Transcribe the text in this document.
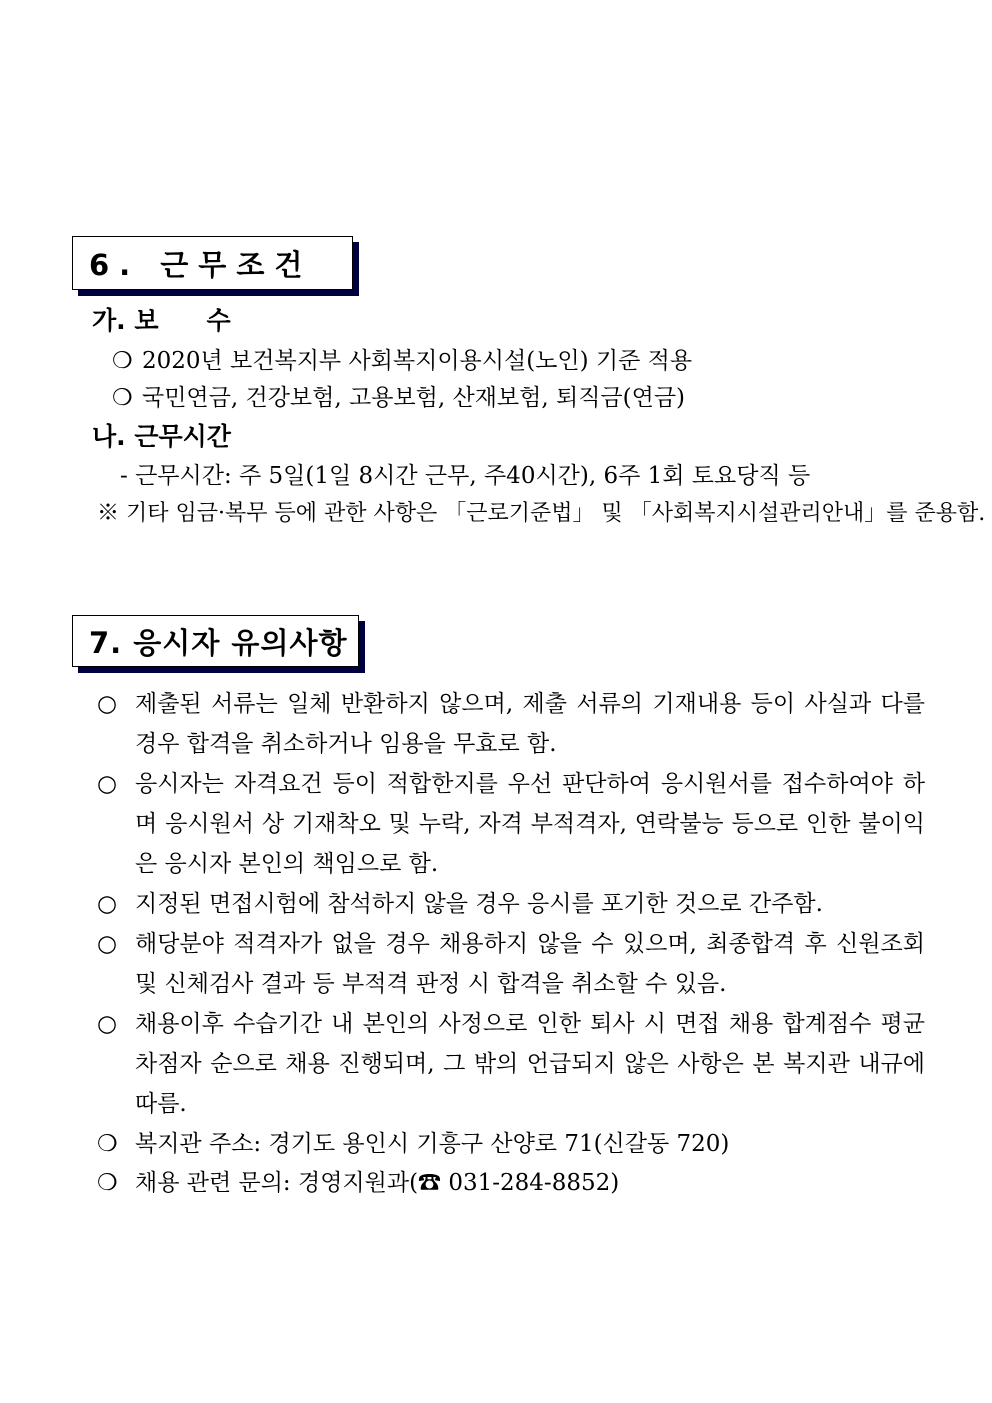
6. 근무조건
가. 보 수
❍ 2020년 보건복지부 사회복지이용시설(노인) 기준 적용
❍ 국민연금, 건강보험, 고용보험, 산재보험, 퇴직금(연금)
나. 근무시간
- 근무시간: 주 5일(1일 8시간 근무, 주40시간), 6주 1회 토요당직 등
※ 기타 임금·복무 등에 관한 사항은 「근로기준법」 및 「사회복지시설관리안내」를 준용함.
7. 응시자 유의사항
○ 제출된 서류는 일체 반환하지 않으며, 제출 서류의 기재내용 등이 사실과 다를 경우 합격을 취소하거나 임용을 무효로 함.
○ 응시자는 자격요건 등이 적합한지를 우선 판단하여 응시원서를 접수하여야 하며 응시원서 상 기재착오 및 누락, 자격 부적격자, 연락불능 등으로 인한 불이익은 응시자 본인의 책임으로 함.
○ 지정된 면접시험에 참석하지 않을 경우 응시를 포기한 것으로 간주함.
○ 해당분야 적격자가 없을 경우 채용하지 않을 수 있으며, 최종합격 후 신원조회 및 신체검사 결과 등 부적격 판정 시 합격을 취소할 수 있음.
○ 채용이후 수습기간 내 본인의 사정으로 인한 퇴사 시 면접 채용 합계점수 평균 차점자 순으로 채용 진행되며, 그 밖의 언급되지 않은 사항은 본 복지관 내규에 따름.
❍ 복지관 주소: 경기도 용인시 기흥구 산양로 71(신갈동 720)
❍ 채용 관련 문의: 경영지원과(☎ 031-284-8852)
